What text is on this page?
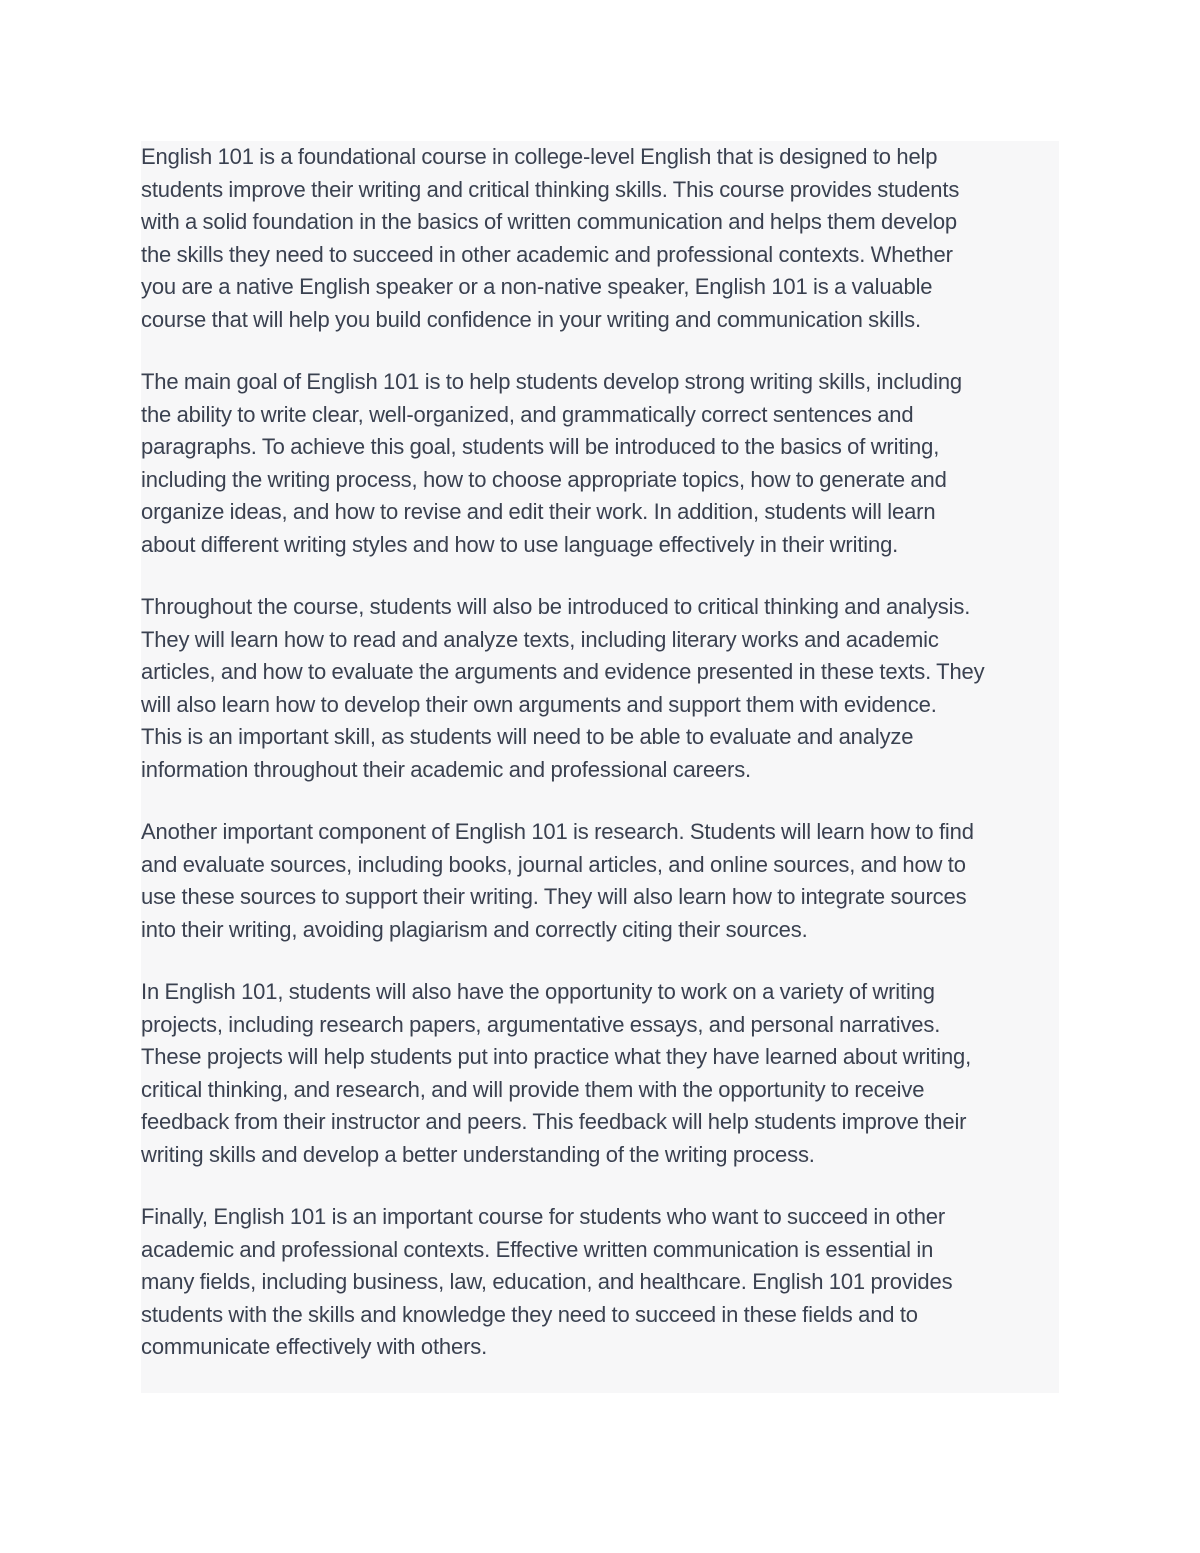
English 101 is a foundational course in college-level English that is designed to help
students improve their writing and critical thinking skills. This course provides students
with a solid foundation in the basics of written communication and helps them develop
the skills they need to succeed in other academic and professional contexts. Whether
you are a native English speaker or a non-native speaker, English 101 is a valuable
course that will help you build confidence in your writing and communication skills.

The main goal of English 101 is to help students develop strong writing skills, including
the ability to write clear, well-organized, and grammatically correct sentences and
paragraphs. To achieve this goal, students will be introduced to the basics of writing,
including the writing process, how to choose appropriate topics, how to generate and
organize ideas, and how to revise and edit their work. In addition, students will learn
about different writing styles and how to use language effectively in their writing.

Throughout the course, students will also be introduced to critical thinking and analysis.
They will learn how to read and analyze texts, including literary works and academic
articles, and how to evaluate the arguments and evidence presented in these texts. They
will also learn how to develop their own arguments and support them with evidence.
This is an important skill, as students will need to be able to evaluate and analyze
information throughout their academic and professional careers.

Another important component of English 101 is research. Students will learn how to find
and evaluate sources, including books, journal articles, and online sources, and how to
use these sources to support their writing. They will also learn how to integrate sources
into their writing, avoiding plagiarism and correctly citing their sources.

In English 101, students will also have the opportunity to work on a variety of writing
projects, including research papers, argumentative essays, and personal narratives.
These projects will help students put into practice what they have learned about writing,
critical thinking, and research, and will provide them with the opportunity to receive
feedback from their instructor and peers. This feedback will help students improve their
writing skills and develop a better understanding of the writing process.

Finally, English 101 is an important course for students who want to succeed in other
academic and professional contexts. Effective written communication is essential in
many fields, including business, law, education, and healthcare. English 101 provides
students with the skills and knowledge they need to succeed in these fields and to
communicate effectively with others.
